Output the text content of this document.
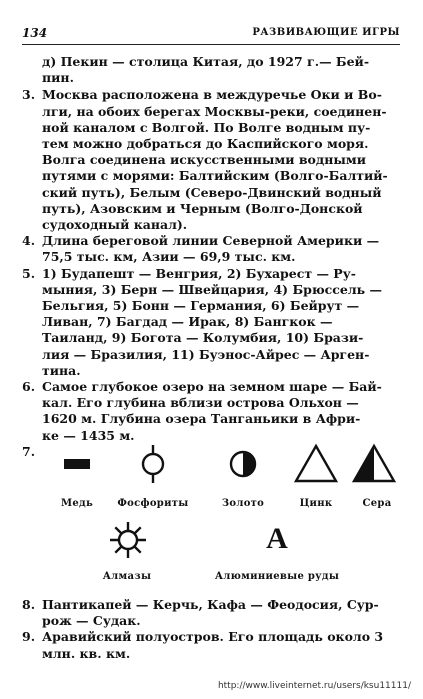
134	РАЗВИВАЮЩИЕ ИГРЫ
д) Пекин — столица Китая, до 1927 г.— Бей-пин.
3. Москва расположена в междуречье Оки и Во-
лги, на обоих берегах Москвы-реки, соединен-
ной каналом с Волгой. По Волге водным пу-
тем можно добраться до Каспийского моря.
Волга соединена искусственными водными
путями с морями: Балтийским (Волго-Балтий-
ский путь), Белым (Северо-Двинский водный
путь), Азовским и Черным (Волго-Донской
судоходный канал).
4. Длина береговой линии Северной Америки —
75,5 тыс. км, Азии — 69,9 тыс. км.
5. 1) Будапешт — Венгрия, 2) Бухарест — Ру-
мыния, 3) Берн — Швейцария, 4) Брюссель —
Бельгия, 5) Бонн — Германия, 6) Бейрут —
Ливан, 7) Багдад — Ирак, 8) Бангкок —
Таиланд, 9) Богота — Колумбия, 10) Брази-
лия — Бразилия, 11) Буэнос-Айрес — Арген-
тина.
6. Самое глубокое озеро на земном шаре — Бай-
кал. Его глубина вблизи острова Ольхон —
1620 м. Глубина озера Танганьики в Афри-
ке — 1435 м.
7.

Медь Фосфориты	Золото	Цинк	Сера
A
Алмазы	Алюминиевые руды
8. Пантикапей — Керчь, Кафа — Феодосия, Сур-
рож — Судак.
9. Аравийский полуостров. Его площадь около 3
млн. кв. км.
http://www.liveinternet.ru/users/ksu11111/
